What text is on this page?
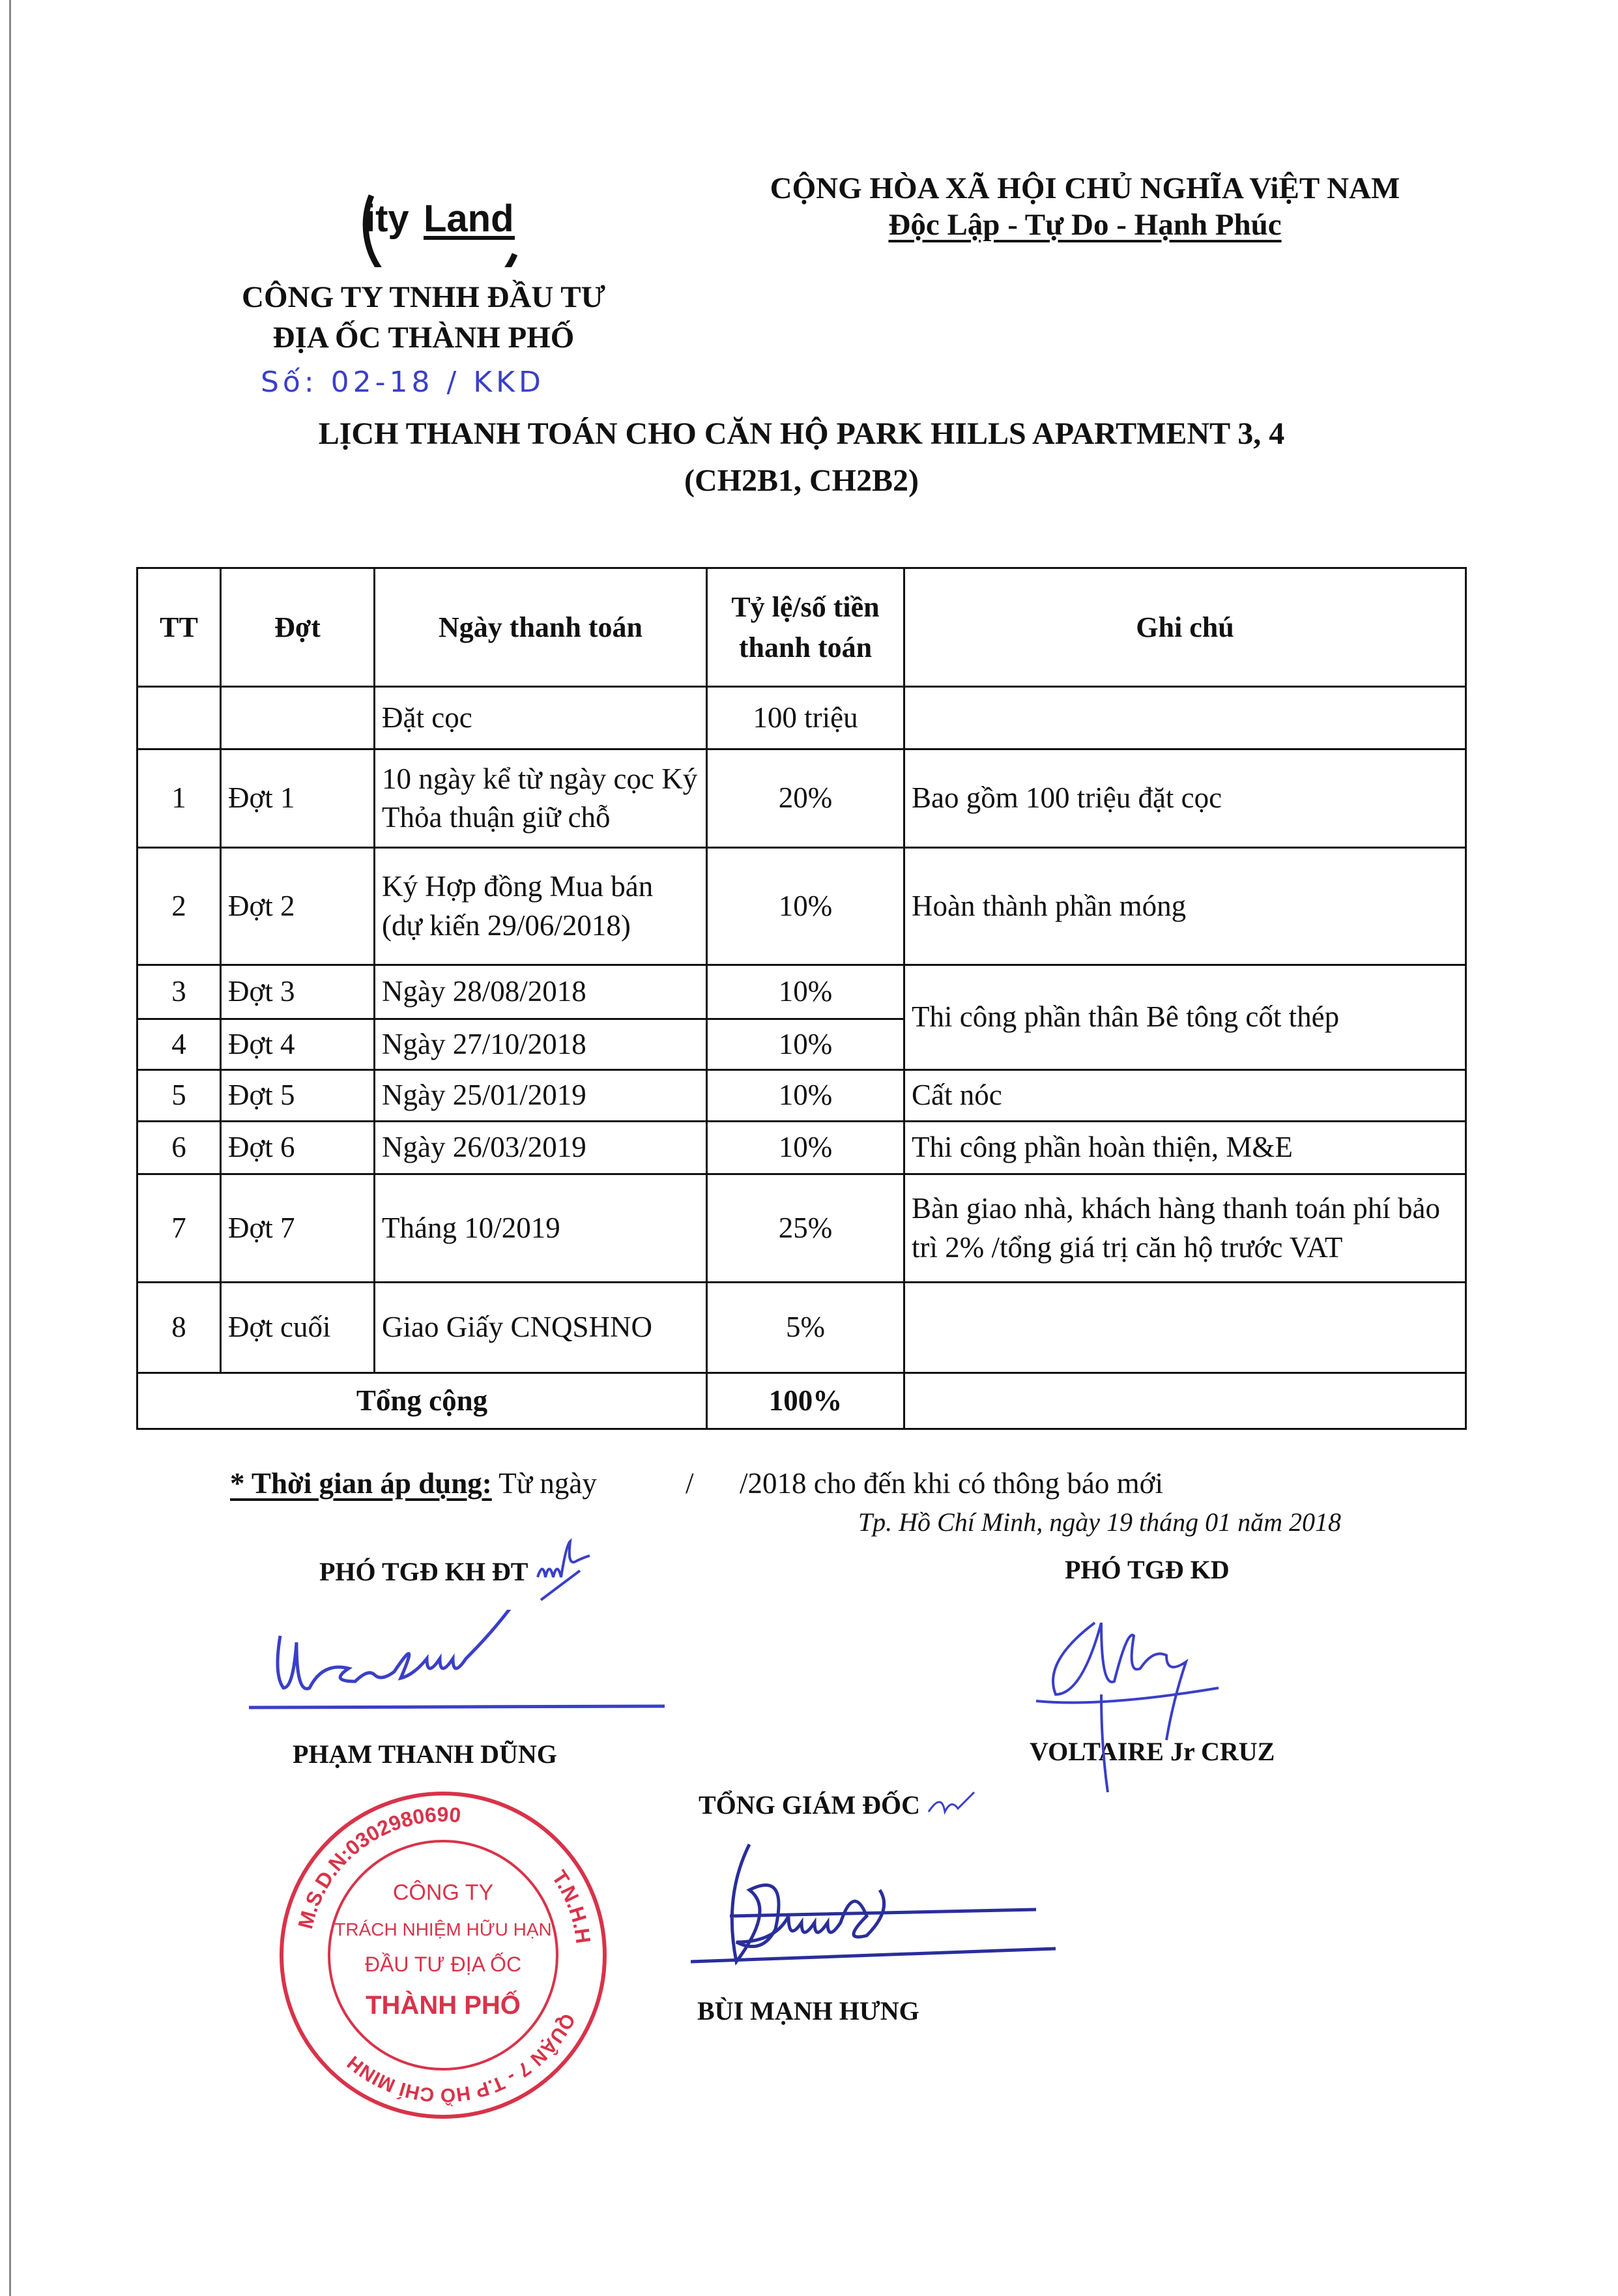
ity Land
CỘNG HÒA XÃ HỘI CHỦ NGHĨA ViỆT NAM
Độc Lập - Tự Do - Hạnh Phúc
CÔNG TY TNHH ĐẦU TƯ
ĐỊA ỐC THÀNH PHỐ
Số: 02-18 / KKD
LỊCH THANH TOÁN CHO CĂN HỘ PARK HILLS APARTMENT 3, 4
(CH2B1, CH2B2)
TT	Đợt	Ngày thanh toán	Tỷ lệ/số tiền thanh toán	Ghi chú
		Đặt cọc	100 triệu	
1	Đợt 1	10 ngày kể từ ngày cọc Ký Thỏa thuận giữ chỗ	20%	Bao gồm 100 triệu đặt cọc
2	Đợt 2	Ký Hợp đồng Mua bán (dự kiến 29/06/2018)	10%	Hoàn thành phần móng
3	Đợt 3	Ngày 28/08/2018	10%	Thi công phần thân Bê tông cốt thép
4	Đợt 4	Ngày 27/10/2018	10%	
5	Đợt 5	Ngày 25/01/2019	10%	Cất nóc
6	Đợt 6	Ngày 26/03/2019	10%	Thi công phần hoàn thiện, M&E
7	Đợt 7	Tháng 10/2019	25%	Bàn giao nhà, khách hàng thanh toán phí bảo trì 2% /tổng giá trị căn hộ trước VAT
8	Đợt cuối	Giao Giấy CNQSHNO	5%	
Tổng cộng			100%	
* Thời gian áp dụng: Từ ngày	/ /2018 cho đến khi có thông báo mới
Tp. Hồ Chí Minh, ngày 19 tháng 01 năm 2018
PHÓ TGĐ KH ĐT	PHÓ TGĐ KD
PHẠM THANH DŨNG	VOLTAIRE Jr CRUZ
TỔNG GIÁM ĐỐC
BÙI MẠNH HƯNG
M.S.D.N:0302980690
T.N.H.H
QUẬN 7 - T.P HỒ CHÍ MINH
CÔNG TY
TRÁCH NHIỆM HỮU HẠN
ĐẦU TƯ ĐỊA ỐC
THÀNH PHỐ
